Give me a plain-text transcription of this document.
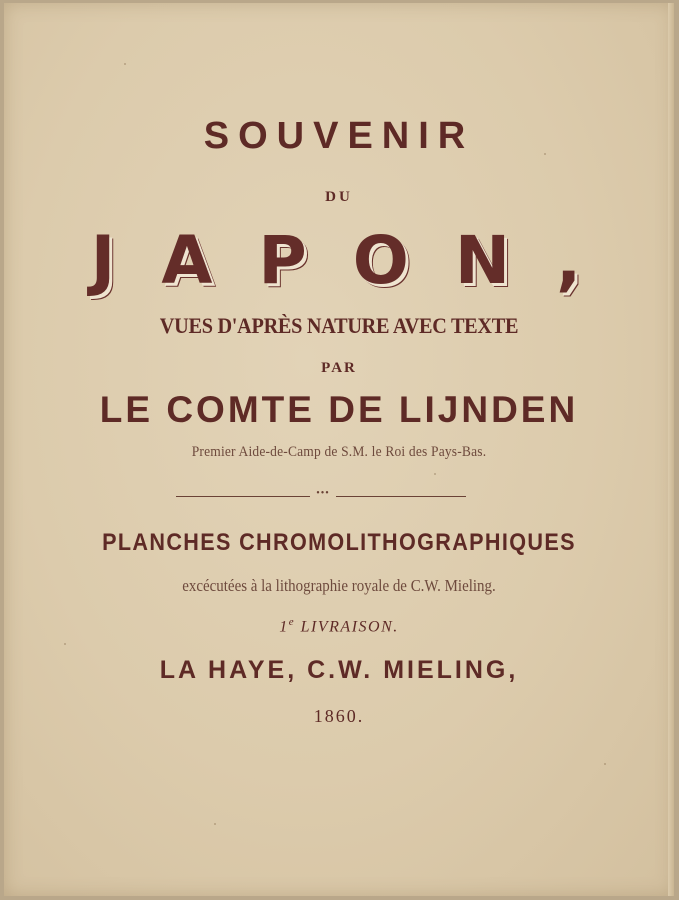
SOUVENIR
DU
JAPON,
VUES D'APRÈS NATURE AVEC TEXTE
PAR
LE COMTE DE LIJNDEN
Premier Aide-de-Camp de S.M. le Roi des Pays-Bas.
•••
PLANCHES CHROMOLITHOGRAPHIQUES
excécutées à la lithographie royale de C.W. Mieling.
1e LIVRAISON.
LA HAYE, C.W. MIELING,
1860.
